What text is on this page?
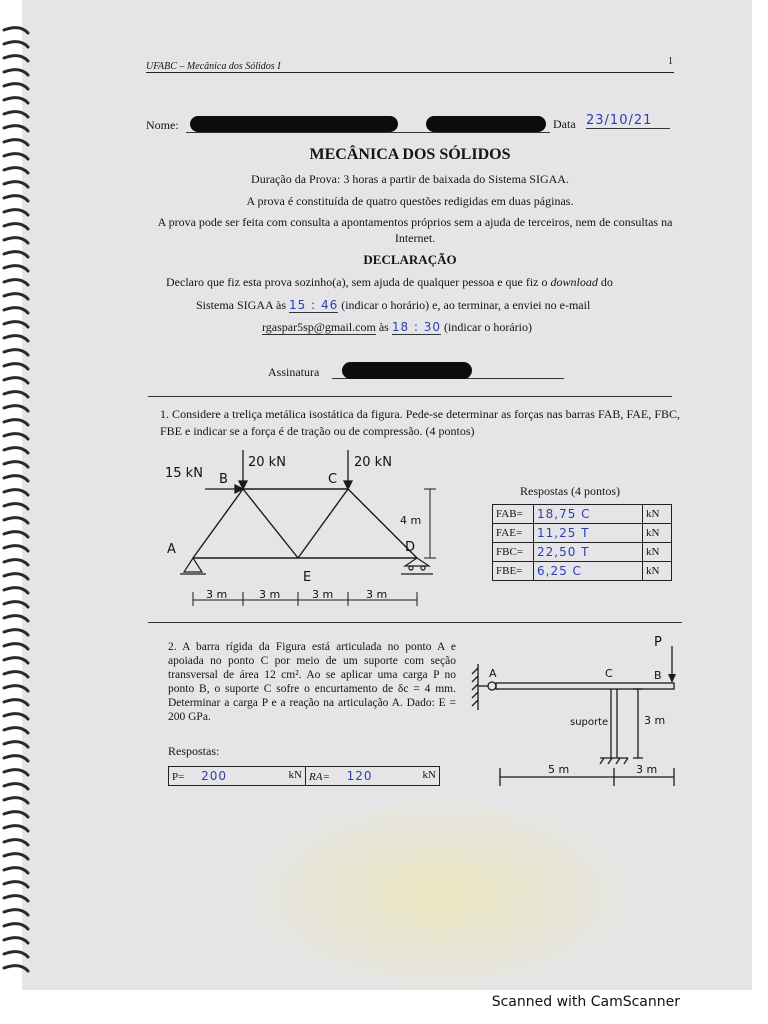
UFABC – Mecânica dos Sólidos I	1
Nome:	Data 23/10/21
MECÂNICA DOS SÓLIDOS
Duração da Prova: 3 horas a partir de baixada do Sistema SIGAA.
A prova é constituída de quatro questões redigidas em duas páginas.
A prova pode ser feita com consulta a apontamentos próprios sem a ajuda de terceiros, nem de consultas na Internet.
DECLARAÇÃO
Declaro que fiz esta prova sozinho(a), sem ajuda de qualquer pessoa e que fiz o download do
Sistema SIGAA às 15 : 46 (indicar o horário) e, ao terminar, a enviei no e-mail
rgaspar5sp@gmail.com às 18 : 30 (indicar o horário)
Assinatura
1. Considere a treliça metálica isostática da figura. Pede-se determinar as forças nas barras FAB, FAE, FBC, FBE e indicar se a força é de tração ou de compressão. (4 pontos)
15 kN B
20 kN
C
20 kN
A	D
E
4 m
3 m	3 m	3 m	3 m
P
A	C	B
suporte	3 m
5 m	3 m
Respostas (4 pontos)
FAB=	18,75 C	kN
FAE=	11,25 T	kN
FBC=	22,50 T	kN
FBE=	6,25 C	kN
2. A barra rígida da Figura está articulada no ponto A e apoiada no ponto C por meio de um suporte com seção transversal de área 12 cm². Ao se aplicar uma carga P no ponto B, o suporte C sofre o encurtamento de δc = 4 mm. Determinar a carga P e a reação na articulação A. Dado: E = 200 GPa.
Respostas:
P= 200	kN	RA= 120	kN
Scanned with CamScanner
